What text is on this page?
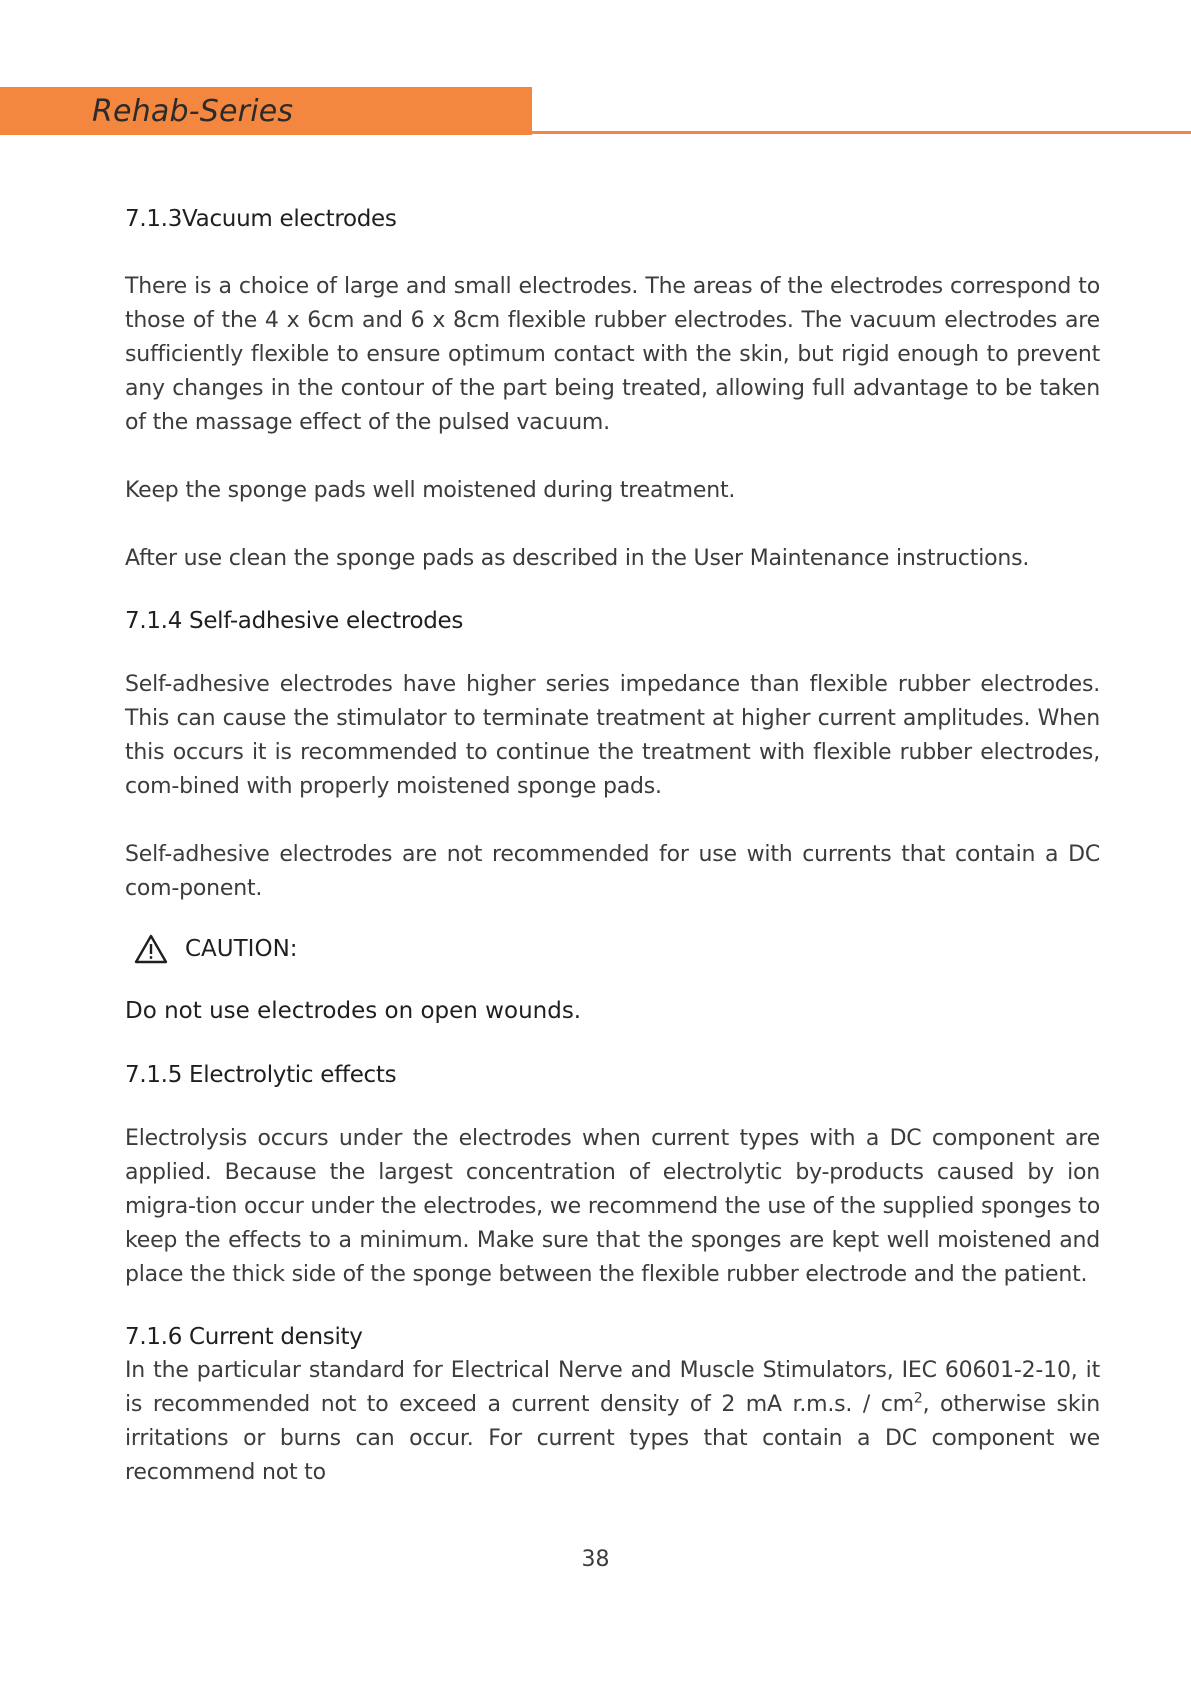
Rehab-Series

7.1.3Vacuum electrodes

There is a choice of large and small electrodes. The areas of the electrodes correspond to those of the 4 x 6cm and 6 x 8cm flexible rubber electrodes. The vacuum electrodes are sufficiently flexible to ensure optimum contact with the skin, but rigid enough to prevent any changes in the contour of the part being treated, allowing full advantage to be taken of the massage effect of the pulsed vacuum.

Keep the sponge pads well moistened during treatment.

After use clean the sponge pads as described in the User Maintenance instructions.

7.1.4 Self-adhesive electrodes

Self-adhesive electrodes have higher series impedance than flexible rubber electrodes. This can cause the stimulator to terminate treatment at higher current amplitudes. When this occurs it is recommended to continue the treatment with flexible rubber electrodes, com-bined with properly moistened sponge pads.

Self-adhesive electrodes are not recommended for use with currents that contain a DC com-ponent.

CAUTION:

Do not use electrodes on open wounds.

7.1.5 Electrolytic effects

Electrolysis occurs under the electrodes when current types with a DC component are applied. Because the largest concentration of electrolytic by-products caused by ion migra-tion occur under the electrodes, we recommend the use of the supplied sponges to keep the effects to a minimum. Make sure that the sponges are kept well moistened and place the thick side of the sponge between the flexible rubber electrode and the patient.

7.1.6 Current density

In the particular standard for Electrical Nerve and Muscle Stimulators, IEC 60601-2-10, it is recommended not to exceed a current density of 2 mA r.m.s. / $cm^2$, otherwise skin irritations or burns can occur. For current types that contain a DC component we recommend not to

38
